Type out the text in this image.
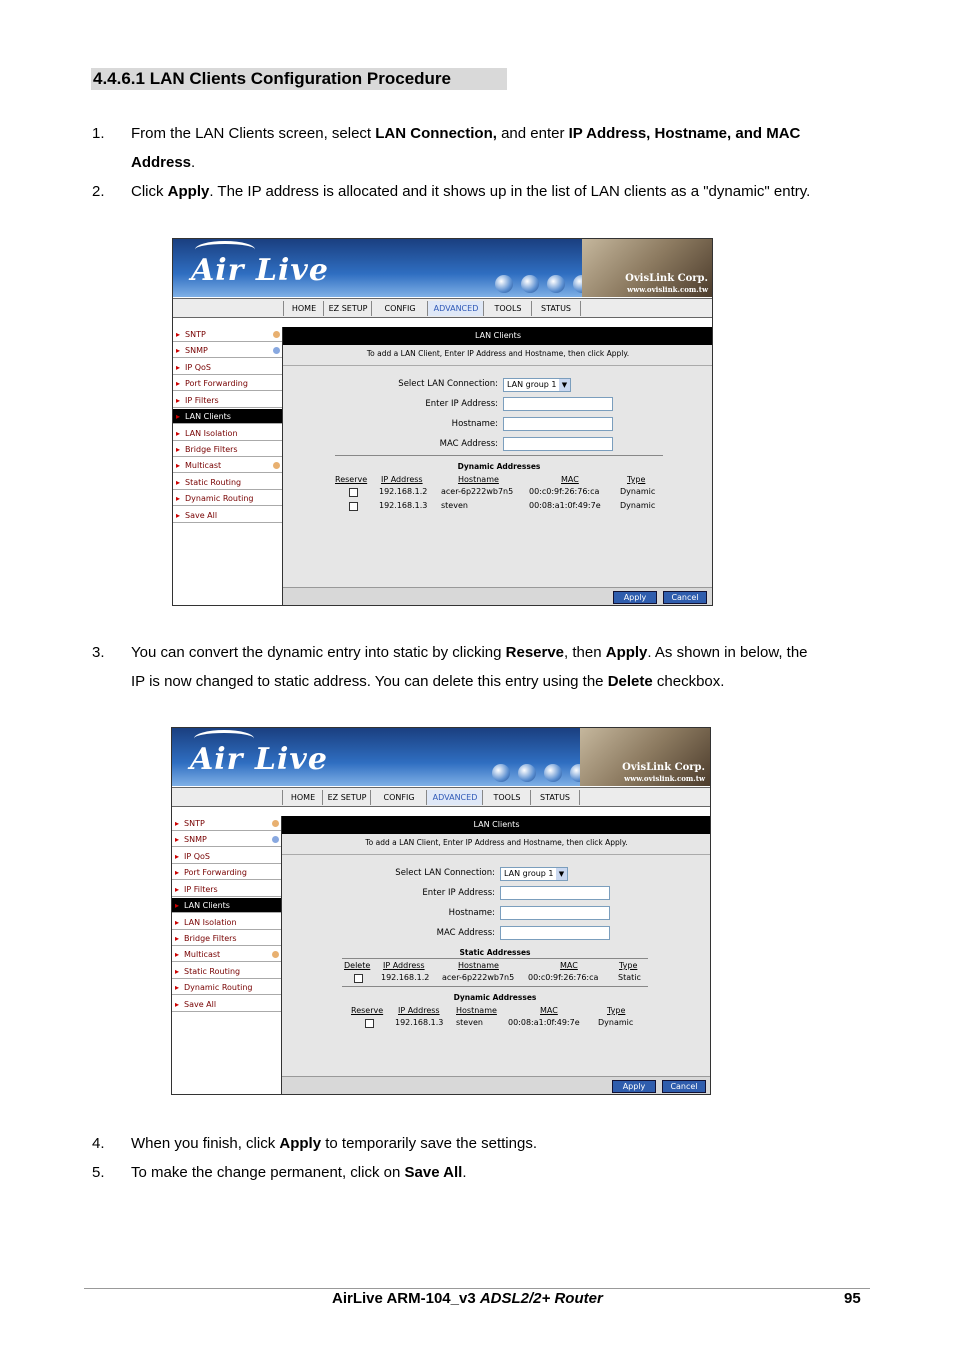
4.4.6.1 LAN Clients Configuration Procedure
1. From the LAN Clients screen, select LAN Connection, and enter IP Address, Hostname, and MAC
Address.
2. Click Apply. The IP address is allocated and it shows up in the list of LAN clients as a "dynamic" entry.
Air Live	OvisLink Corp.
www.ovislink.com.tw
HOME	EZ SETUP	CONFIG	ADVANCED	TOOLS	STATUS
▸ SNTP
▸ SNMP
▸ IP QoS
▸ Port Forwarding
▸ IP Filters
▸ LAN Clients
▸ LAN Isolation
▸ Bridge Filters
▸ Multicast
▸ Static Routing
▸ Dynamic Routing
▸ Save All
LAN Clients
To add a LAN Client, Enter IP Address and Hostname, then click Apply.
Select LAN Connection:	LAN group 1 ▼
Enter IP Address:
Hostname:
MAC Address:
Dynamic Addresses
Reserve IP Address	Hostname	MAC	Type
192.168.1.2 acer-6p222wb7n5 00:c0:9f:26:76:ca	Dynamic
192.168.1.3 steven	00:08:a1:0f:49:7e Dynamic
Apply	Cancel
3. You can convert the dynamic entry into static by clicking Reserve, then Apply. As shown in below, the
IP is now changed to static address. You can delete this entry using the Delete checkbox.
Air Live	OvisLink Corp.
www.ovislink.com.tw
HOME	EZ SETUP	CONFIG	ADVANCED	TOOLS	STATUS
▸ SNTP
▸ SNMP
▸ IP QoS
▸ Port Forwarding
▸ IP Filters
▸ LAN Clients
▸ LAN Isolation
▸ Bridge Filters
▸ Multicast
▸ Static Routing
▸ Dynamic Routing
▸ Save All
LAN Clients
To add a LAN Client, Enter IP Address and Hostname, then click Apply.
Select LAN Connection:	LAN group 1 ▼
Enter IP Address:
Hostname:
MAC Address:
Static Addresses
Delete IP Address	Hostname	MAC	Type
192.168.1.2 acer-6p222wb7n5 00:c0:9f:26:76:ca Static
Dynamic Addresses
Reserve IP Address Hostname	MAC	Type
192.168.1.3 steven	00:08:a1:0f:49:7e Dynamic
Apply	Cancel
4. When you finish, click Apply to temporarily save the settings.
5. To make the change permanent, click on Save All.
AirLive ARM-104_v3 ADSL2/2+ Router	95
